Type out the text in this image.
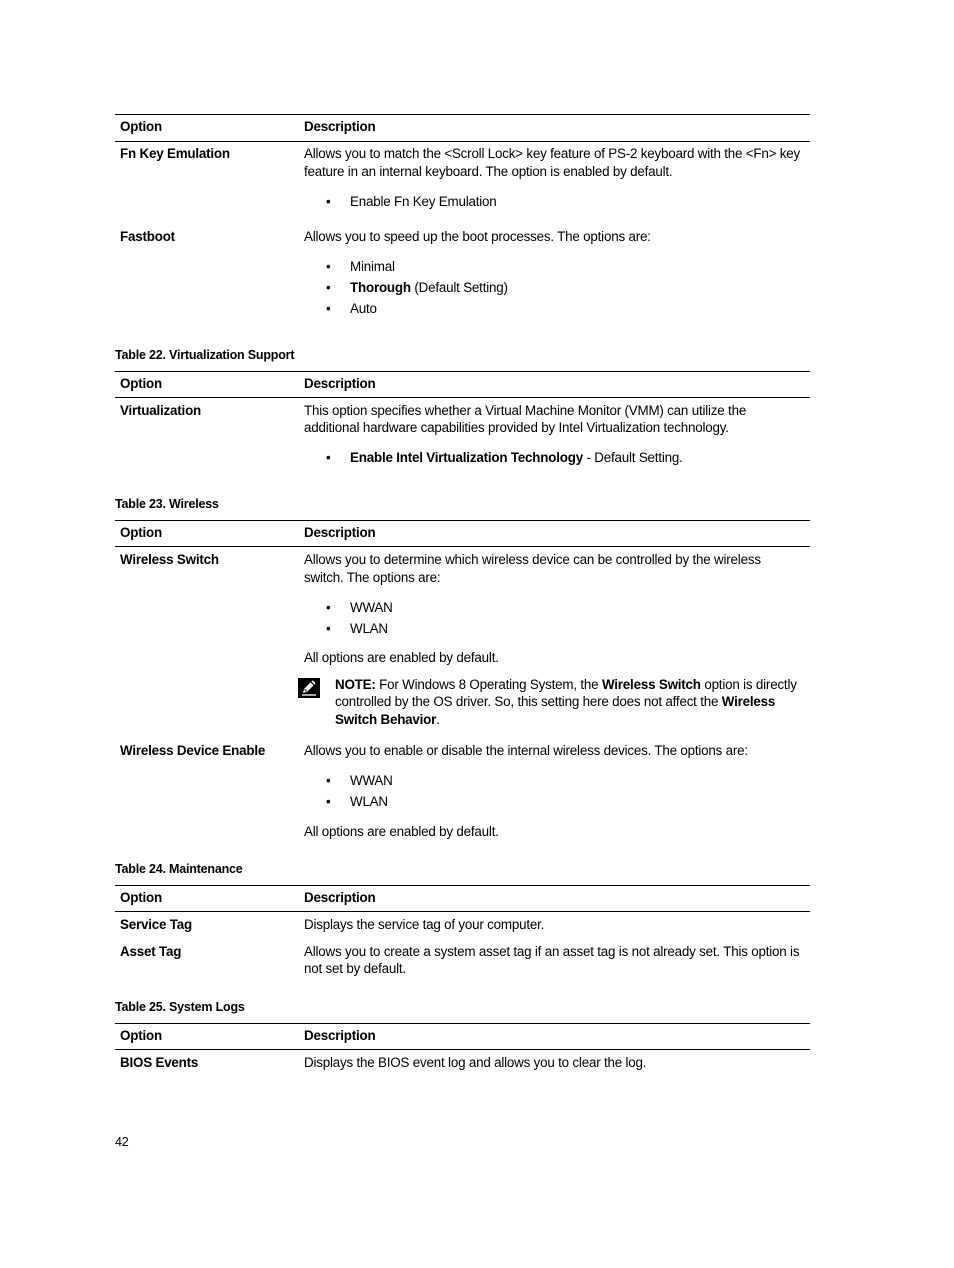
Option	Description
Fn Key Emulation	Allows you to match the <Scroll Lock> key feature of PS-2 keyboard with the <Fn> key
feature in an internal keyboard. The option is enabled by default.
• Enable Fn Key Emulation
Fastboot	Allows you to speed up the boot processes. The options are:
• Minimal
• Thorough (Default Setting)
• Auto
Table 22. Virtualization Support
Option	Description
Virtualization	This option specifies whether a Virtual Machine Monitor (VMM) can utilize the
additional hardware capabilities provided by Intel Virtualization technology.
• Enable Intel Virtualization Technology - Default Setting.
Table 23. Wireless
Option	Description
Wireless Switch	Allows you to determine which wireless device can be controlled by the wireless
switch. The options are:
• WWAN
• WLAN
All options are enabled by default.
NOTE: For Windows 8 Operating System, the Wireless Switch option is directly
controlled by the OS driver. So, this setting here does not affect the Wireless
Switch Behavior.
Wireless Device Enable	Allows you to enable or disable the internal wireless devices. The options are:
• WWAN
• WLAN
All options are enabled by default.
Table 24. Maintenance
Option	Description
Service Tag	Displays the service tag of your computer.
Asset Tag	Allows you to create a system asset tag if an asset tag is not already set. This option is
not set by default.
Table 25. System Logs
Option	Description
BIOS Events	Displays the BIOS event log and allows you to clear the log.
42
